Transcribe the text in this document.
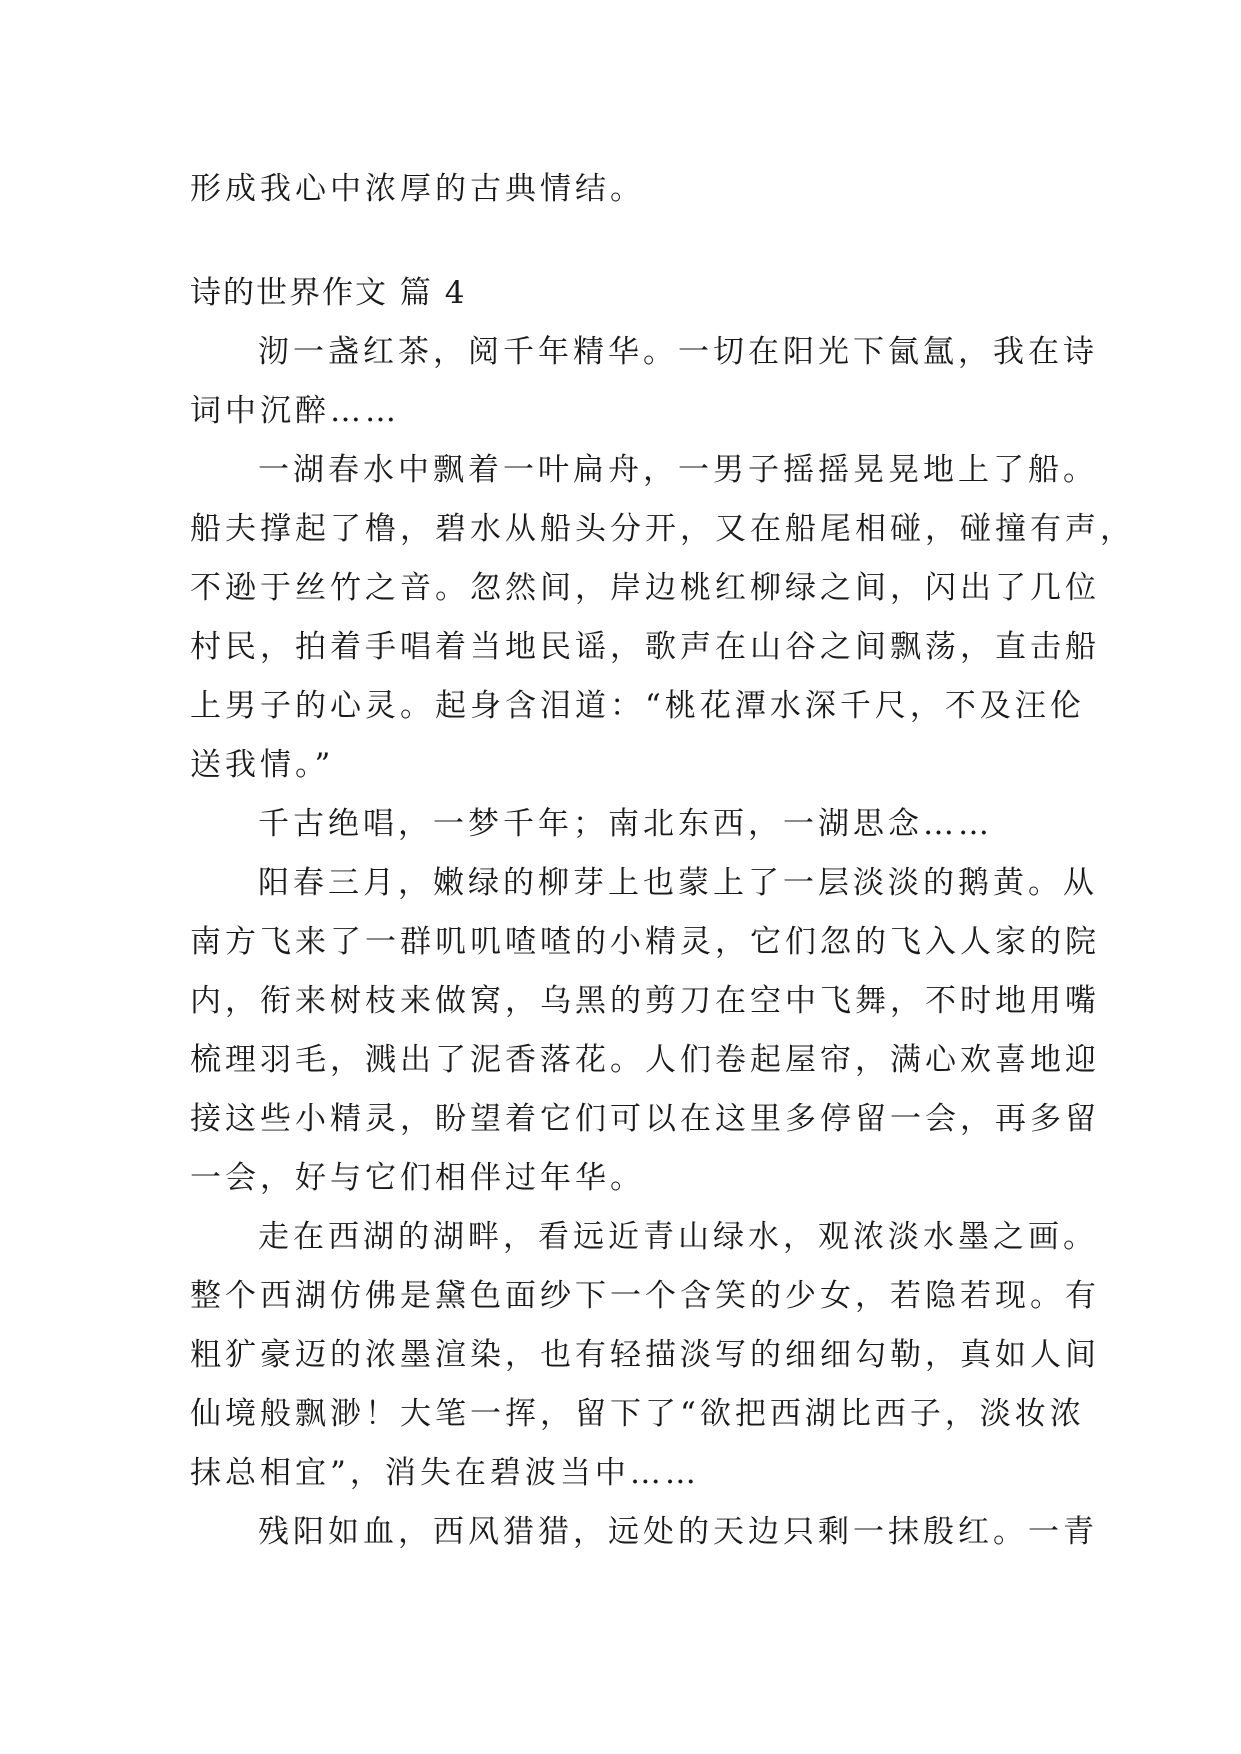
形成我心中浓厚的古典情结。

诗的世界作文 篇 4

沏一盏红茶，阅千年精华。一切在阳光下氤氲，我在诗

词中沉醉……

一湖春水中飘着一叶扁舟，一男子摇摇晃晃地上了船。

船夫撑起了橹，碧水从船头分开，又在船尾相碰，碰撞有声，

不逊于丝竹之音。忽然间，岸边桃红柳绿之间，闪出了几位

村民，拍着手唱着当地民谣，歌声在山谷之间飘荡，直击船

上男子的心灵。起身含泪道：“桃花潭水深千尺，不及汪伦

送我情。”

千古绝唱，一梦千年；南北东西，一湖思念……

阳春三月，嫩绿的柳芽上也蒙上了一层淡淡的鹅黄。从

南方飞来了一群叽叽喳喳的小精灵，它们忽的飞入人家的院

内，衔来树枝来做窝，乌黑的剪刀在空中飞舞，不时地用嘴

梳理羽毛，溅出了泥香落花。人们卷起屋帘，满心欢喜地迎

接这些小精灵，盼望着它们可以在这里多停留一会，再多留

一会，好与它们相伴过年华。

走在西湖的湖畔，看远近青山绿水，观浓淡水墨之画。

整个西湖仿佛是黛色面纱下一个含笑的少女，若隐若现。有

粗犷豪迈的浓墨渲染，也有轻描淡写的细细勾勒，真如人间

仙境般飘渺！大笔一挥，留下了“欲把西湖比西子，淡妆浓

抹总相宜”，消失在碧波当中……

残阳如血，西风猎猎，远处的天边只剩一抹殷红。一青
